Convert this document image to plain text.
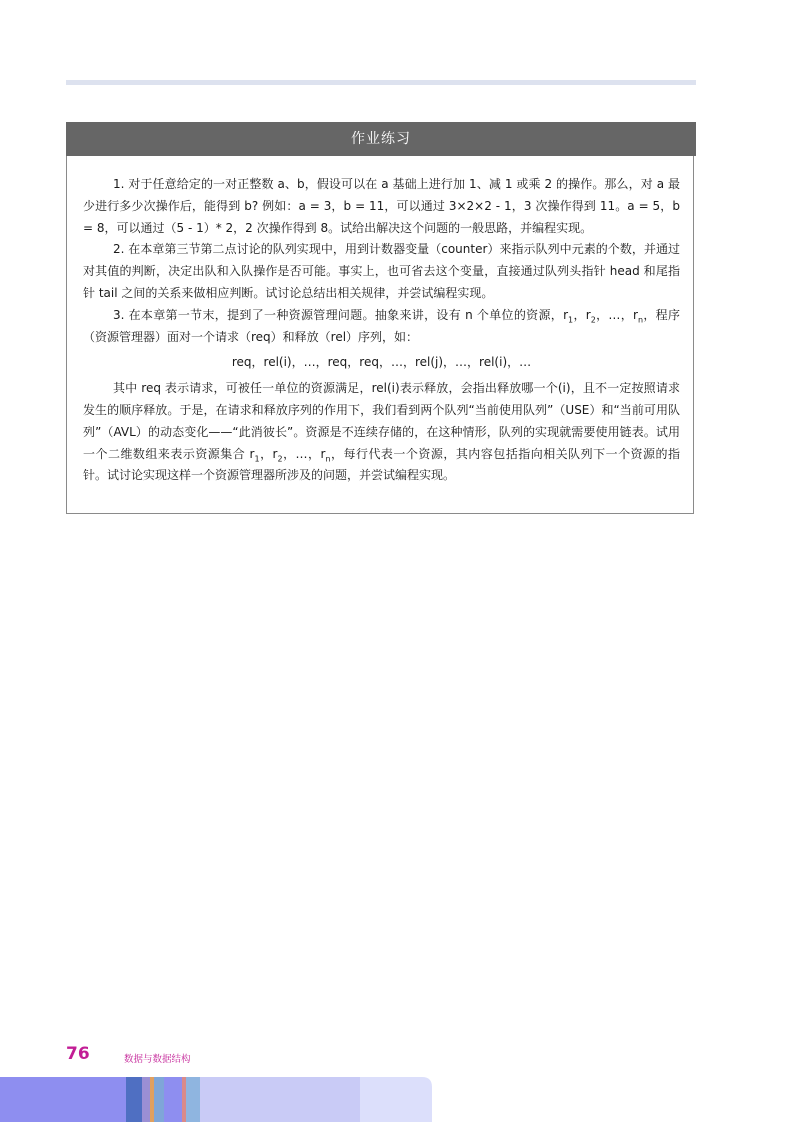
作业练习

1. 对于任意给定的一对正整数 a、b，假设可以在 a 基础上进行加 1、减 1 或乘 2 的操作。那么，对 a 最少进行多少次操作后，能得到 b? 例如：a = 3，b = 11，可以通过 3×2×2 - 1，3 次操作得到 11。a = 5，b = 8，可以通过（5 - 1）* 2，2 次操作得到 8。试给出解决这个问题的一般思路，并编程实现。

2. 在本章第三节第二点讨论的队列实现中，用到计数器变量（counter）来指示队列中元素的个数，并通过对其值的判断，决定出队和入队操作是否可能。事实上，也可省去这个变量，直接通过队列头指针 head 和尾指针 tail 之间的关系来做相应判断。试讨论总结出相关规律，并尝试编程实现。

3. 在本章第一节末，提到了一种资源管理问题。抽象来讲，设有 n 个单位的资源，$r_1$，$r_2$，…，$r_n$，程序（资源管理器）面对一个请求（req）和释放（rel）序列，如：

req，rel(i)，…，req，req，…，rel(j)，…，rel(i)，…

其中 req 表示请求，可被任一单位的资源满足，rel(i)表示释放，会指出释放哪一个(i)，且不一定按照请求发生的顺序释放。于是，在请求和释放序列的作用下，我们看到两个队列“当前使用队列”（USE）和“当前可用队列”（AVL）的动态变化——“此消彼长”。资源是不连续存储的，在这种情形，队列的实现就需要使用链表。试用一个二维数组来表示资源集合 $r_1$，$r_2$，…，$r_n$，每行代表一个资源，其内容包括指向相关队列下一个资源的指针。试讨论实现这样一个资源管理器所涉及的问题，并尝试编程实现。

76	数据与数据结构
